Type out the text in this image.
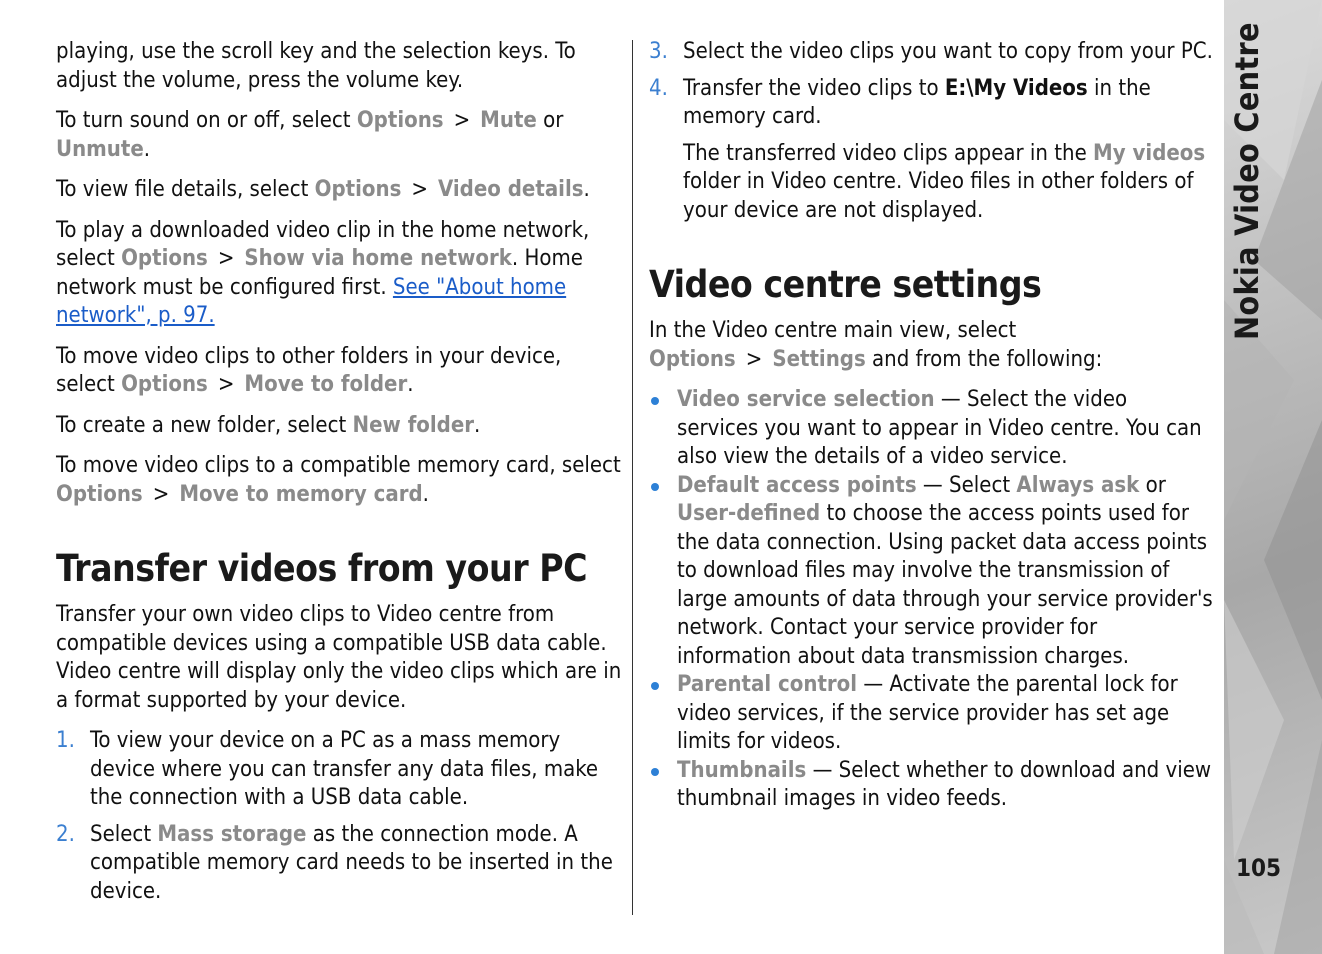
playing, use the scroll key and the selection keys. To adjust the volume, press the volume key.

To turn sound on or off, select Options > Mute or Unmute.

To view file details, select Options > Video details.

To play a downloaded video clip in the home network, select Options > Show via home network. Home network must be configured first. See "About home network", p. 97.

To move video clips to other folders in your device, select Options > Move to folder.

To create a new folder, select New folder.

To move video clips to a compatible memory card, select Options > Move to memory card.

Transfer videos from your PC

Transfer your own video clips to Video centre from compatible devices using a compatible USB data cable. Video centre will display only the video clips which are in a format supported by your device.

1. To view your device on a PC as a mass memory device where you can transfer any data files, make the connection with a USB data cable.
2. Select Mass storage as the connection mode. A compatible memory card needs to be inserted in the device.
3. Select the video clips you want to copy from your PC.
4. Transfer the video clips to E:\My Videos in the memory card.

The transferred video clips appear in the My videos folder in Video centre. Video files in other folders of your device are not displayed.

Video centre settings

In the Video centre main view, select Options > Settings and from the following:

Video service selection — Select the video services you want to appear in Video centre. You can also view the details of a video service.
Default access points — Select Always ask or User-defined to choose the access points used for the data connection. Using packet data access points to download files may involve the transmission of large amounts of data through your service provider's network. Contact your service provider for information about data transmission charges.
Parental control — Activate the parental lock for video services, if the service provider has set age limits for videos.
Thumbnails — Select whether to download and view thumbnail images in video feeds.
Nokia Video Centre
105
